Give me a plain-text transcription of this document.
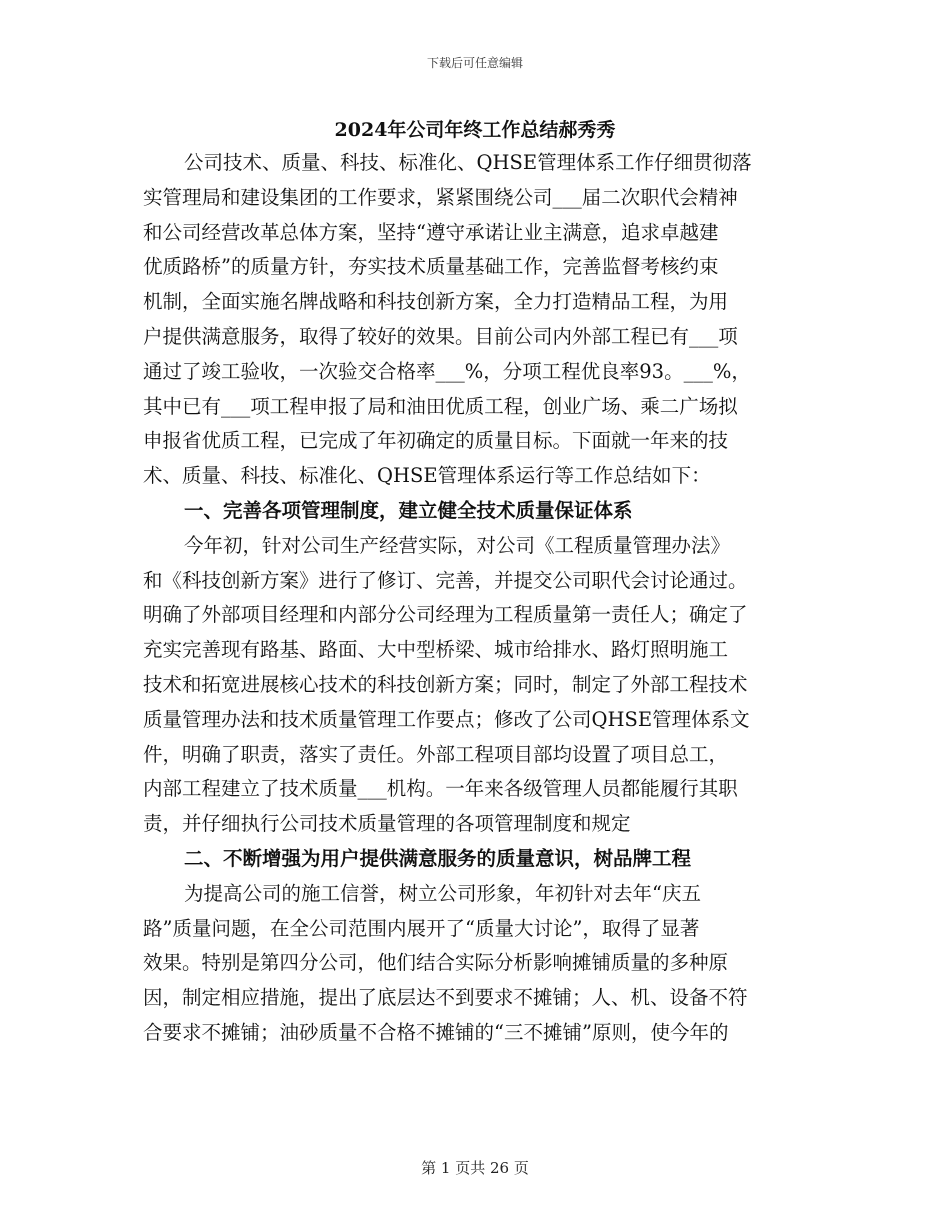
下载后可任意编辑
2024年公司年终工作总结郝秀秀
公司技术、质量、科技、标准化、QHSE管理体系工作仔细贯彻落
实管理局和建设集团的工作要求，紧紧围绕公司___届二次职代会精神
和公司经营改革总体方案，坚持“遵守承诺让业主满意，追求卓越建
优质路桥”的质量方针，夯实技术质量基础工作，完善监督考核约束
机制，全面实施名牌战略和科技创新方案，全力打造精品工程，为用
户提供满意服务，取得了较好的效果。目前公司内外部工程已有___项
通过了竣工验收，一次验交合格率___%，分项工程优良率93。___%，
其中已有___项工程申报了局和油田优质工程，创业广场、乘二广场拟
申报省优质工程，已完成了年初确定的质量目标。下面就一年来的技
术、质量、科技、标准化、QHSE管理体系运行等工作总结如下：
一、完善各项管理制度，建立健全技术质量保证体系
今年初，针对公司生产经营实际，对公司《工程质量管理办法》
和《科技创新方案》进行了修订、完善，并提交公司职代会讨论通过。
明确了外部项目经理和内部分公司经理为工程质量第一责任人；确定了
充实完善现有路基、路面、大中型桥梁、城市给排水、路灯照明施工
技术和拓宽进展核心技术的科技创新方案；同时，制定了外部工程技术
质量管理办法和技术质量管理工作要点；修改了公司QHSE管理体系文
件，明确了职责，落实了责任。外部工程项目部均设置了项目总工，
内部工程建立了技术质量___机构。一年来各级管理人员都能履行其职
责，并仔细执行公司技术质量管理的各项管理制度和规定
二、不断增强为用户提供满意服务的质量意识，树品牌工程
为提高公司的施工信誉，树立公司形象，年初针对去年“庆五
路”质量问题，在全公司范围内展开了“质量大讨论”，取得了显著
效果。特别是第四分公司，他们结合实际分析影响摊铺质量的多种原
因，制定相应措施，提出了底层达不到要求不摊铺；人、机、设备不符
合要求不摊铺；油砂质量不合格不摊铺的“三不摊铺”原则，使今年的
第 1 页共 26 页
